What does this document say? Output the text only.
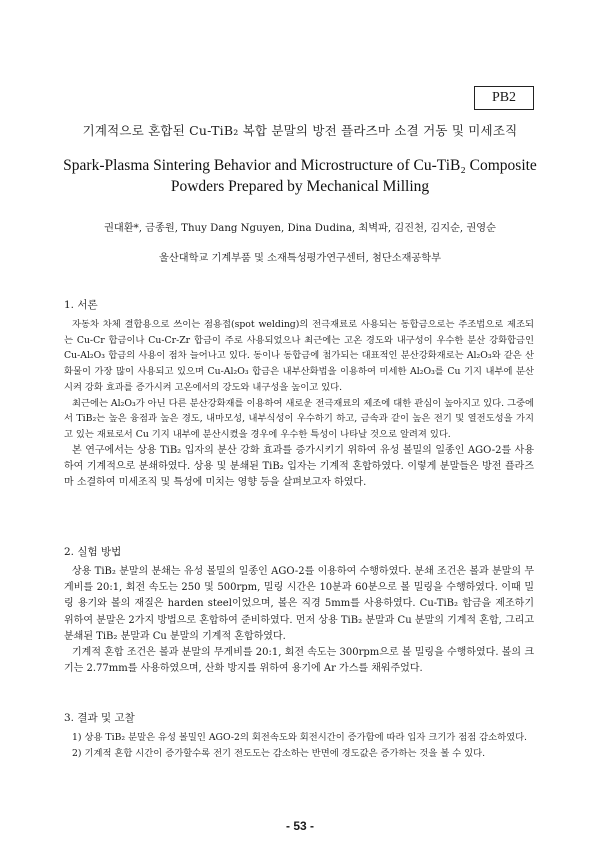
PB2
기계적으로 혼합된 Cu-TiB₂ 복합 분말의 방전 플라즈마 소결 거동 및 미세조직
Spark-Plasma Sintering Behavior and Microstructure of Cu-TiB₂ Composite
Powders Prepared by Mechanical Milling
권대환*, 금종원, Thuy Dang Nguyen, Dina Dudina, 최벽파, 김진천, 김지순, 권영순
울산대학교 기계부품 및 소재특성평가연구센터, 첨단소재공학부
1. 서론

자동차 차체 결합용으로 쓰이는 점용접(spot welding)의 전극재료로 사용되는 동합금으로는 주조법으로 제조되는 Cu-Cr 합금이나 Cu-Cr-Zr 합금이 주로 사용되었으나 최근에는 고온 경도와 내구성이 우수한 분산 강화합금인 Cu-Al₂O₃ 합금의 사용이 점차 늘어나고 있다. 동이나 동합금에 첨가되는 대표적인 분산강화재로는 Al₂O₃와 같은 산화물이 가장 많이 사용되고 있으며 Cu-Al₂O₃ 합금은 내부산화법을 이용하여 미세한 Al₂O₃를 Cu 기지 내부에 분산시켜 강화 효과를 증가시켜 고온에서의 강도와 내구성을 높이고 있다.

최근에는 Al₂O₃가 아닌 다른 분산강화재를 이용하여 새로운 전극재료의 제조에 대한 관심이 높아지고 있다. 그중에서 TiB₂는 높은 융점과 높은 경도, 내마모성, 내부식성이 우수하기 하고, 금속과 같이 높은 전기 및 열전도성을 가지고 있는 재료로서 Cu 기지 내부에 분산시켰을 경우에 우수한 특성이 나타날 것으로 알려져 있다.

본 연구에서는 상용 TiB₂ 입자의 분산 강화 효과를 증가시키기 위하여 유성 볼밀의 일종인 AGO-2를 사용하여 기계적으로 분쇄하였다. 상용 및 분쇄된 TiB₂ 입자는 기계적 혼합하였다. 이렇게 분말들은 방전 플라즈마 소결하여 미세조직 및 특성에 미치는 영향 등을 살펴보고자 하였다.

2. 실험 방법

상용 TiB₂ 분말의 분쇄는 유성 볼밀의 일종인 AGO-2를 이용하여 수행하였다. 분쇄 조건은 볼과 분말의 무게비를 20:1, 회전 속도는 250 및 500rpm, 밀링 시간은 10분과 60분으로 볼 밀링을 수행하였다. 이때 밀링 용기와 볼의 재질은 harden steel이었으며, 볼은 직경 5mm를 사용하였다. Cu-TiB₂ 합금을 제조하기 위하여 분말은 2가지 방법으로 혼합하여 준비하였다. 먼저 상용 TiB₂ 분말과 Cu 분말의 기계적 혼합, 그리고 분쇄된 TiB₂ 분말과 Cu 분말의 기계적 혼합하였다.

기계적 혼합 조건은 볼과 분말의 무게비를 20:1, 회전 속도는 300rpm으로 볼 밀링을 수행하였다. 볼의 크기는 2.77mm를 사용하였으며, 산화 방지를 위하여 용기에 Ar 가스를 채워주었다.

3. 결과 및 고찰

1) 상용 TiB₂ 분말은 유성 볼밀인 AGO-2의 회전속도와 회전시간이 증가함에 따라 입자 크기가 점점 감소하였다.

2) 기계적 혼합 시간이 증가할수록 전기 전도도는 감소하는 반면에 경도값은 증가하는 것을 볼 수 있다.

- 53 -
